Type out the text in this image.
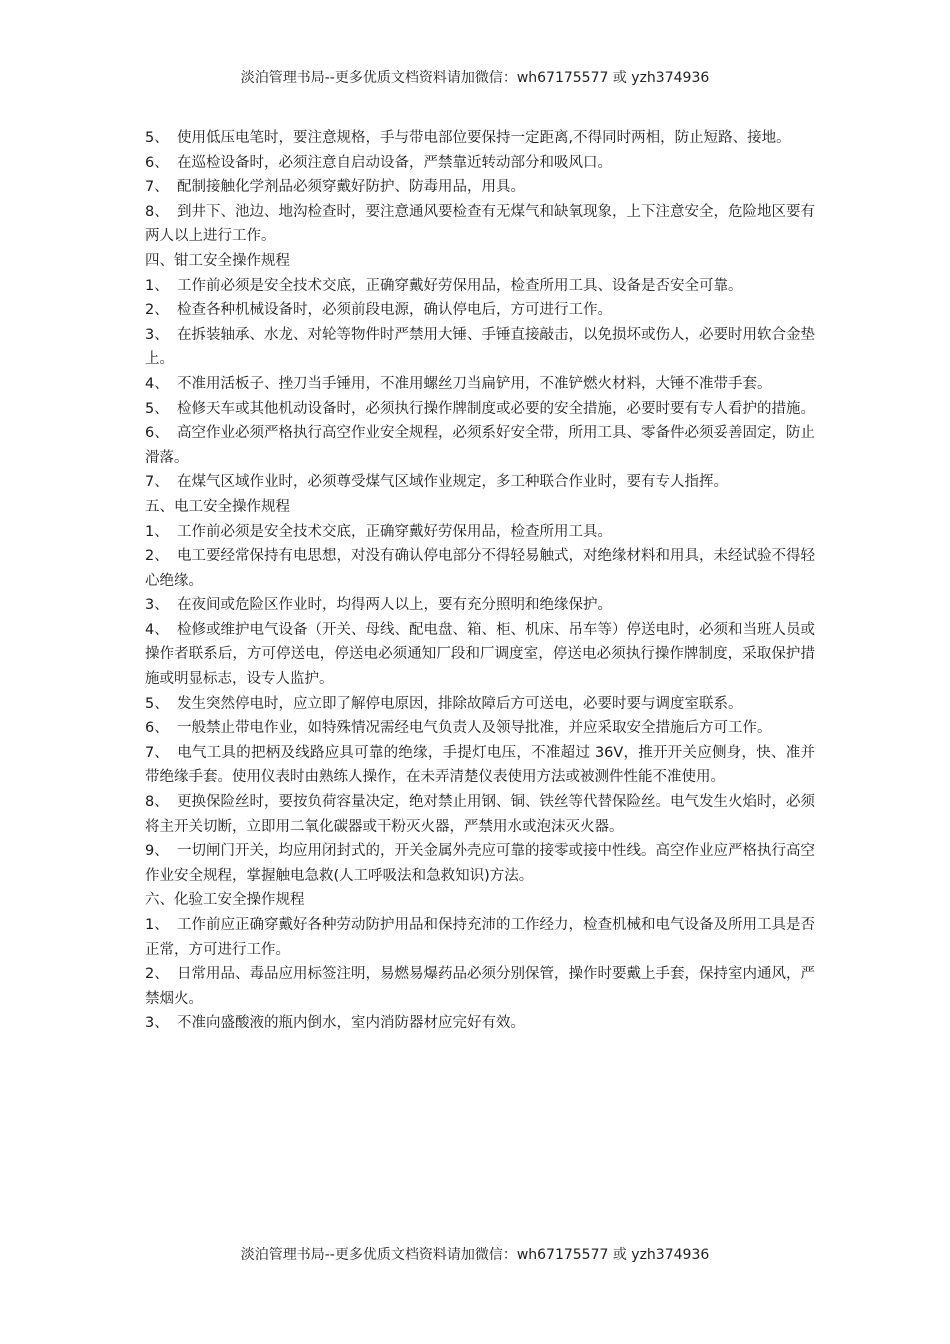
淡泊管理书局--更多优质文档资料请加微信：wh67175577 或 yzh374936
5、 使用低压电笔时，要注意规格，手与带电部位要保持一定距离,不得同时两相，防止短路、接地。
6、 在巡检设备时，必须注意自启动设备，严禁靠近转动部分和吸风口。
7、 配制接触化学剂品必须穿戴好防护、防毒用品，用具。
8、 到井下、池边、地沟检查时，要注意通风要检查有无煤气和缺氧现象，上下注意安全，危险地区要有两人以上进行工作。
四、钳工安全操作规程
1、 工作前必须是安全技术交底，正确穿戴好劳保用品，检查所用工具、设备是否安全可靠。
2、 检查各种机械设备时，必须前段电源，确认停电后，方可进行工作。
3、 在拆装轴承、水龙、对轮等物件时严禁用大锤、手锤直接敲击，以免损坏或伤人，必要时用软合金垫上。
4、 不准用活板子、挫刀当手锤用，不准用螺丝刀当扁铲用，不准铲燃火材料，大锤不准带手套。
5、 检修天车或其他机动设备时，必须执行操作牌制度或必要的安全措施，必要时要有专人看护的措施。
6、 高空作业必须严格执行高空作业安全规程，必须系好安全带，所用工具、零备件必须妥善固定，防止滑落。
7、 在煤气区域作业时，必须尊受煤气区域作业规定，多工种联合作业时，要有专人指挥。
五、电工安全操作规程
1、 工作前必须是安全技术交底，正确穿戴好劳保用品，检查所用工具。
2、 电工要经常保持有电思想，对没有确认停电部分不得轻易触式，对绝缘材料和用具，未经试验不得轻心绝缘。
3、 在夜间或危险区作业时，均得两人以上，要有充分照明和绝缘保护。
4、 检修或维护电气设备（开关、母线、配电盘、箱、柜、机床、吊车等）停送电时，必须和当班人员或操作者联系后，方可停送电，停送电必须通知厂段和厂调度室，停送电必须执行操作牌制度，采取保护措施或明显标志，设专人监护。
5、 发生突然停电时，应立即了解停电原因，排除故障后方可送电，必要时要与调度室联系。
6、 一般禁止带电作业，如特殊情况需经电气负责人及领导批准，并应采取安全措施后方可工作。
7、 电气工具的把柄及线路应具可靠的绝缘，手提灯电压，不准超过 36V，推开开关应侧身，快、准并带绝缘手套。使用仪表时由熟练人操作，在未弄清楚仪表使用方法或被测件性能不准使用。
8、 更换保险丝时，要按负荷容量决定，绝对禁止用钢、铜、铁丝等代替保险丝。电气发生火焰时，必须将主开关切断，立即用二氧化碳器或干粉灭火器，严禁用水或泡沫灭火器。
9、 一切闸门开关，均应用闭封式的，开关金属外壳应可靠的接零或接中性线。高空作业应严格执行高空作业安全规程，掌握触电急救(人工呼吸法和急救知识)方法。
六、化验工安全操作规程
1、 工作前应正确穿戴好各种劳动防护用品和保持充沛的工作经力，检查机械和电气设备及所用工具是否正常，方可进行工作。
2、 日常用品、毒品应用标签注明，易燃易爆药品必须分别保管，操作时要戴上手套，保持室内通风，严禁烟火。
3、 不准向盛酸液的瓶内倒水，室内消防器材应完好有效。
淡泊管理书局--更多优质文档资料请加微信：wh67175577 或 yzh374936
